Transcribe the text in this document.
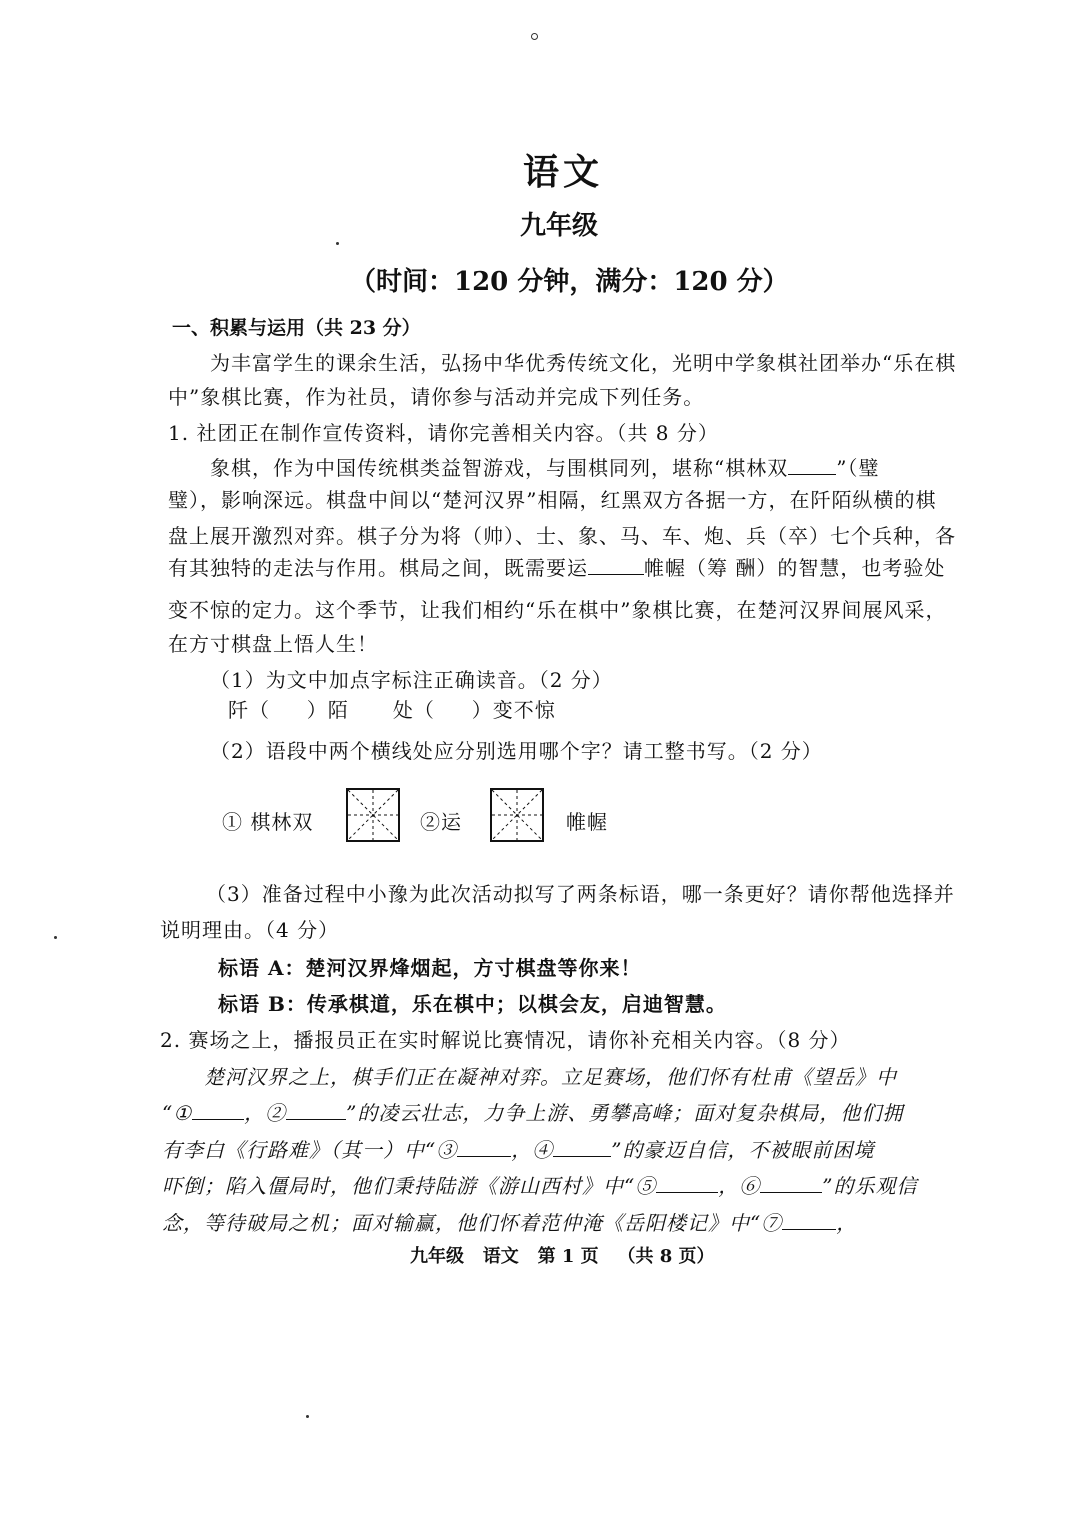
语文
九年级
（时间：120 分钟，满分：120 分）
一、积累与运用（共 23 分）
为丰富学生的课余生活，弘扬中华优秀传统文化，光明中学象棋社团举办“乐在棋
中”象棋比赛，作为社员，请你参与活动并完成下列任务。
1. 社团正在制作宣传资料，请你完善相关内容。（共 8 分）
象棋，作为中国传统棋类益智游戏，与围棋同列，堪称“棋林双 ”（璧
璧），影响深远。棋盘中间以“楚河汉界”相隔，红黑双方各据一方，在阡陌纵横的棋
盘上展开激烈对弈。棋子分为将（帅）、士、象、马、车、炮、兵（卒）七个兵种，各
有其独特的走法与作用。棋局之间，既需要运	帷幄（筹 酬）的智慧，也考验处
变不惊的定力。这个季节，让我们相约“乐在棋中”象棋比赛，在楚河汉界间展风采，
在方寸棋盘上悟人生！
（1）为文中加点字标注正确读音。（2 分）
阡（     ）陌      处（     ）变不惊
（2）语段中两个横线处应分别选用哪个字？请工整书写。（2 分）
① 棋林双	②运	帷幄
（3）准备过程中小豫为此次活动拟写了两条标语，哪一条更好？请你帮他选择并
说明理由。（4 分）
标语 A：楚河汉界烽烟起，方寸棋盘等你来！
标语 B：传承棋道，乐在棋中；以棋会友，启迪智慧。
2. 赛场之上，播报员正在实时解说比赛情况，请你补充相关内容。（8 分）
楚河汉界之上，棋手们正在凝神对弈。立足赛场，他们怀有杜甫《望岳》中
“①	，②	”的凌云壮志，力争上游、勇攀高峰；面对复杂棋局，他们拥
有李白《行路难》（其一）中“③	，④	”的豪迈自信，不被眼前困境
吓倒；陷入僵局时，他们秉持陆游《游山西村》中“⑤	，⑥	”的乐观信
念，等待破局之机；面对输赢，他们怀着范仲淹《岳阳楼记》中“⑦	，
九年级   语文   第 1 页   （共 8 页）
